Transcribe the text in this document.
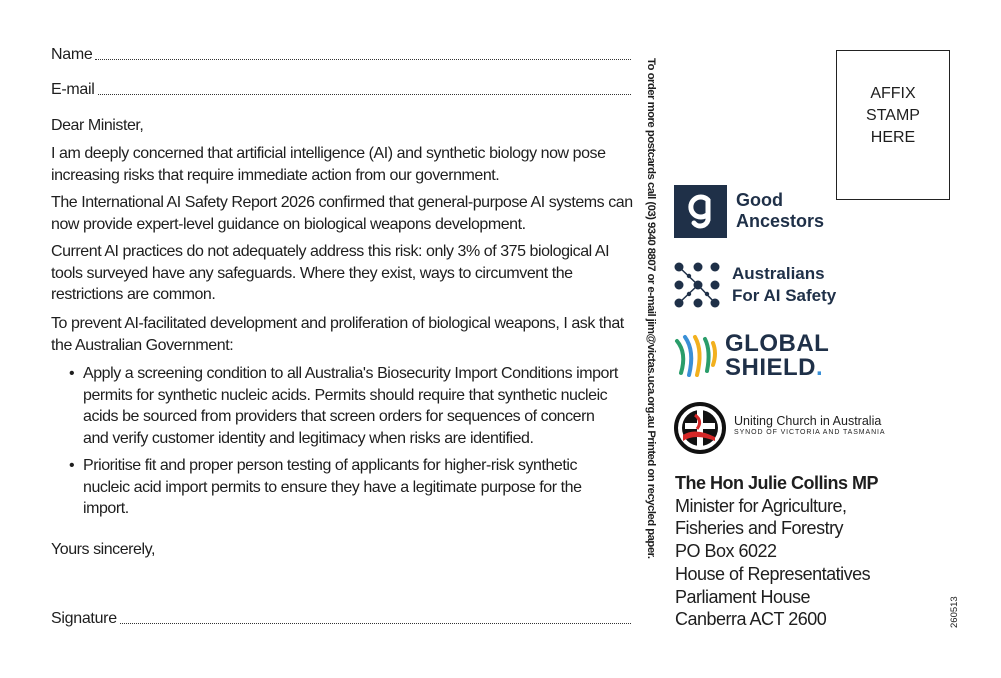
Name
E-mail

Dear Minister,

I am deeply concerned that artificial intelligence (AI) and synthetic biology now pose increasing risks that require immediate action from our government.

The International AI Safety Report 2026 confirmed that general-purpose AI systems can now provide expert-level guidance on biological weapons development.

Current AI practices do not adequately address this risk: only 3% of 375 biological AI tools surveyed have any safeguards. Where they exist, ways to circumvent the restrictions are common.

To prevent AI-facilitated development and proliferation of biological weapons, I ask that the Australian Government:

• Apply a screening condition to all Australia's Biosecurity Import Conditions import permits for synthetic nucleic acids. Permits should require that synthetic nucleic acids be sourced from providers that screen orders for sequences of concern and verify customer identity and legitimacy when risks are identified.
• Prioritise fit and proper person testing of applicants for higher-risk synthetic nucleic acid import permits to ensure they have a legitimate purpose for the import.

Yours sincerely,

Signature
To order more postcards call (03) 9340 8807 or e-mail jim@victas.uca.org.au Printed on recycled paper.	AFFIX
STAMP
HERE
Good
Ancestors
Australians
For AI Safety
GLOBAL
SHIELD.
Uniting Church in Australia
SYNOD OF VICTORIA AND TASMANIA
The Hon Julie Collins MP
Minister for Agriculture,
Fisheries and Forestry
PO Box 6022
House of Representatives
Parliament House
Canberra ACT 2600	260513
